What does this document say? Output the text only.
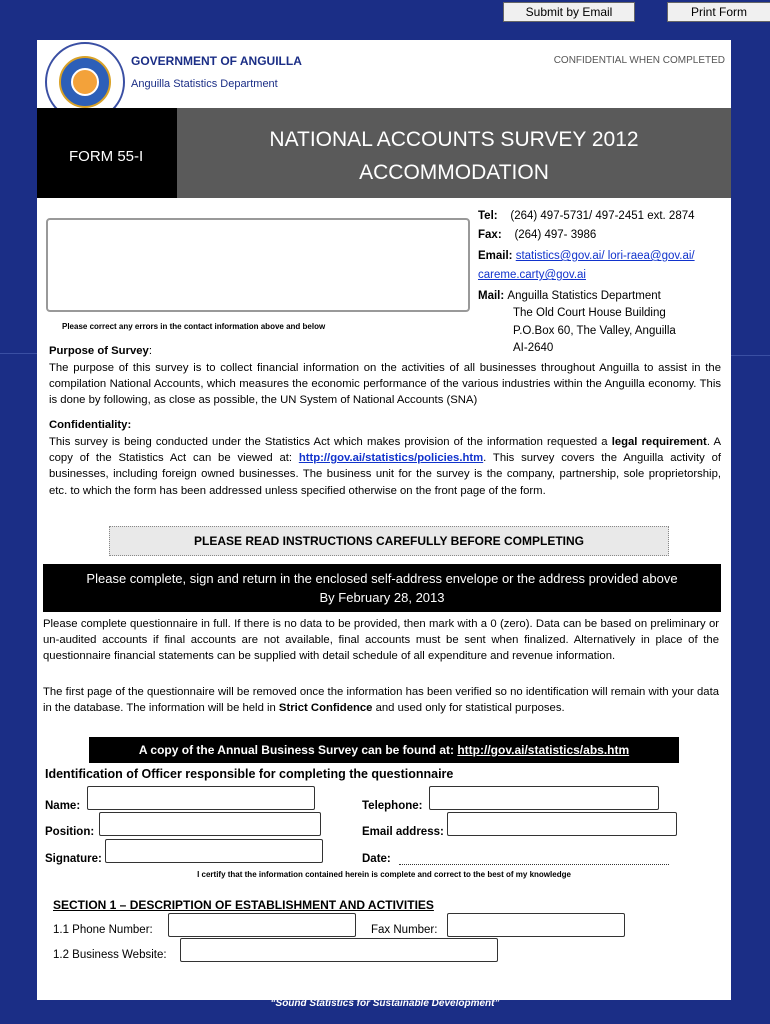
Submit by Email	Print Form
GOVERNMENT OF ANGUILLA
Anguilla Statistics Department
CONFIDENTIAL WHEN COMPLETED
FORM 55-I
NATIONAL ACCOUNTS SURVEY 2012
ACCOMMODATION
Please correct any errors in the contact information above and below
Tel: (264) 497-5731/ 497-2451 ext. 2874
Fax: (264) 497- 3986
Email: statistics@gov.ai/ lori-raea@gov.ai/
careme.carty@gov.ai
Mail: Anguilla Statistics Department
The Old Court House Building
P.O.Box 60, The Valley, Anguilla
AI-2640
Purpose of Survey:
The purpose of this survey is to collect financial information on the activities of all businesses throughout Anguilla to assist in the compilation National Accounts, which measures the economic performance of the various industries within the Anguilla economy. This is done by following, as close as possible, the UN System of National Accounts (SNA)
Confidentiality:
This survey is being conducted under the Statistics Act which makes provision of the information requested a legal requirement. A copy of the Statistics Act can be viewed at: http://gov.ai/statistics/policies.htm. This survey covers the Anguilla activity of businesses, including foreign owned businesses. The business unit for the survey is the company, partnership, sole proprietorship, etc. to which the form has been addressed unless specified otherwise on the front page of the form.
PLEASE READ INSTRUCTIONS CAREFULLY BEFORE COMPLETING
Please complete, sign and return in the enclosed self-address envelope or the address provided above
By February 28, 2013
Please complete questionnaire in full. If there is no data to be provided, then mark with a 0 (zero). Data can be based on preliminary or un-audited accounts if final accounts are not available, final accounts must be sent when finalized. Alternatively in place of the questionnaire financial statements can be supplied with detail schedule of all expenditure and revenue information.
The first page of the questionnaire will be removed once the information has been verified so no identification will remain with your data in the database. The information will be held in Strict Confidence and used only for statistical purposes.
A copy of the Annual Business Survey can be found at: http://gov.ai/statistics/abs.htm
Identification of Officer responsible for completing the questionnaire
Name:	Telephone:
Position:	Email address:
Signature:	Date:
I certify that the information contained herein is complete and correct to the best of my knowledge
SECTION 1 – DESCRIPTION OF ESTABLISHMENT AND ACTIVITIES
1.1 Phone Number:	Fax Number:
1.2 Business Website:
“Sound Statistics for Sustainable Development”
